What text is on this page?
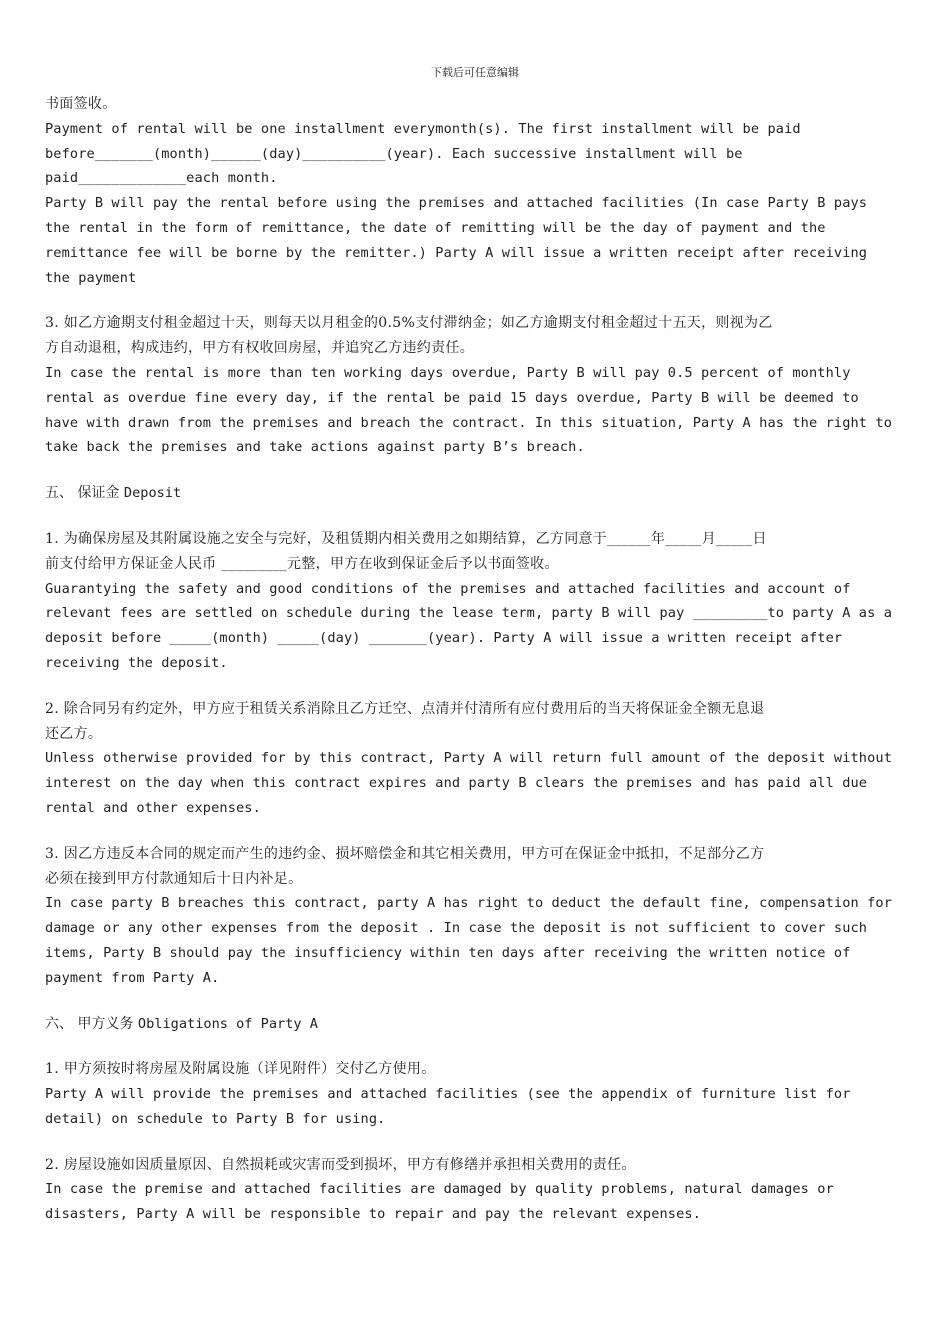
下载后可任意编辑
书面签收。
Payment of rental will be one installment everymonth(s). The first installment will be paid
before_______(month)______(day)__________(year). Each successive installment will be
paid_____________each month.
Party B will pay the rental before using the premises and attached facilities (In case Party B pays
the rental in the form of remittance, the date of remitting will be the day of payment and the
remittance fee will be borne by the remitter.) Party A will issue a written receipt after receiving
the payment
3. 如乙方逾期支付租金超过十天，则每天以月租金的0.5%支付滞纳金；如乙方逾期支付租金超过十五天，则视为乙
方自动退租，构成违约，甲方有权收回房屋，并追究乙方违约责任。
In case the rental is more than ten working days overdue, Party B will pay 0.5 percent of monthly
rental as overdue fine every day, if the rental be paid 15 days overdue, Party B will be deemed to
have with drawn from the premises and breach the contract. In this situation, Party A has the right to
take back the premises and take actions against party B’s breach.
五、 保证金 Deposit
1. 为确保房屋及其附属设施之安全与完好，及租赁期内相关费用之如期结算，乙方同意于______年_____月_____日
前支付给甲方保证金人民币 _________元整，甲方在收到保证金后予以书面签收。
Guarantying the safety and good conditions of the premises and attached facilities and account of
relevant fees are settled on schedule during the lease term, party B will pay _________to party A as a
deposit before _____(month) _____(day) _______(year). Party A will issue a written receipt after
receiving the deposit.
2. 除合同另有约定外，甲方应于租赁关系消除且乙方迁空、点清并付清所有应付费用后的当天将保证金全额无息退
还乙方。
Unless otherwise provided for by this contract, Party A will return full amount of the deposit without
interest on the day when this contract expires and party B clears the premises and has paid all due
rental and other expenses.
3. 因乙方违反本合同的规定而产生的违约金、损坏赔偿金和其它相关费用，甲方可在保证金中抵扣，不足部分乙方
必须在接到甲方付款通知后十日内补足。
In case party B breaches this contract, party A has right to deduct the default fine, compensation for
damage or any other expenses from the deposit . In case the deposit is not sufficient to cover such
items, Party B should pay the insufficiency within ten days after receiving the written notice of
payment from Party A.
六、 甲方义务 Obligations of Party A
1. 甲方须按时将房屋及附属设施（详见附件）交付乙方使用。
Party A will provide the premises and attached facilities (see the appendix of furniture list for
detail) on schedule to Party B for using.
2. 房屋设施如因质量原因、自然损耗或灾害而受到损坏，甲方有修缮并承担相关费用的责任。
In case the premise and attached facilities are damaged by quality problems, natural damages or
disasters, Party A will be responsible to repair and pay the relevant expenses.
